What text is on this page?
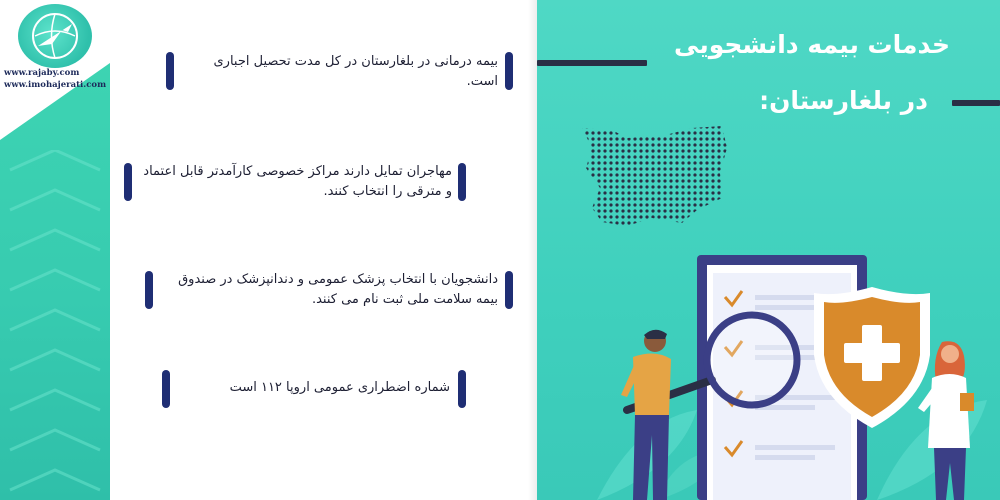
www.rajaby.com
www.imohajerati.com
بیمه درمانی در بلغارستان در کل مدت تحصیل اجباری است.
مهاجران تمایل دارند مراکز خصوصی کارآمدتر قابل اعتماد و مترقی را انتخاب کنند.
دانشجویان با انتخاب پزشک عمومی و دندانپزشک در صندوق بیمه سلامت ملی ثبت نام می کنند.
شماره اضطراری عمومی اروپا ۱۱۲ است
خدمات بیمه دانشجویی
در بلغارستان:
